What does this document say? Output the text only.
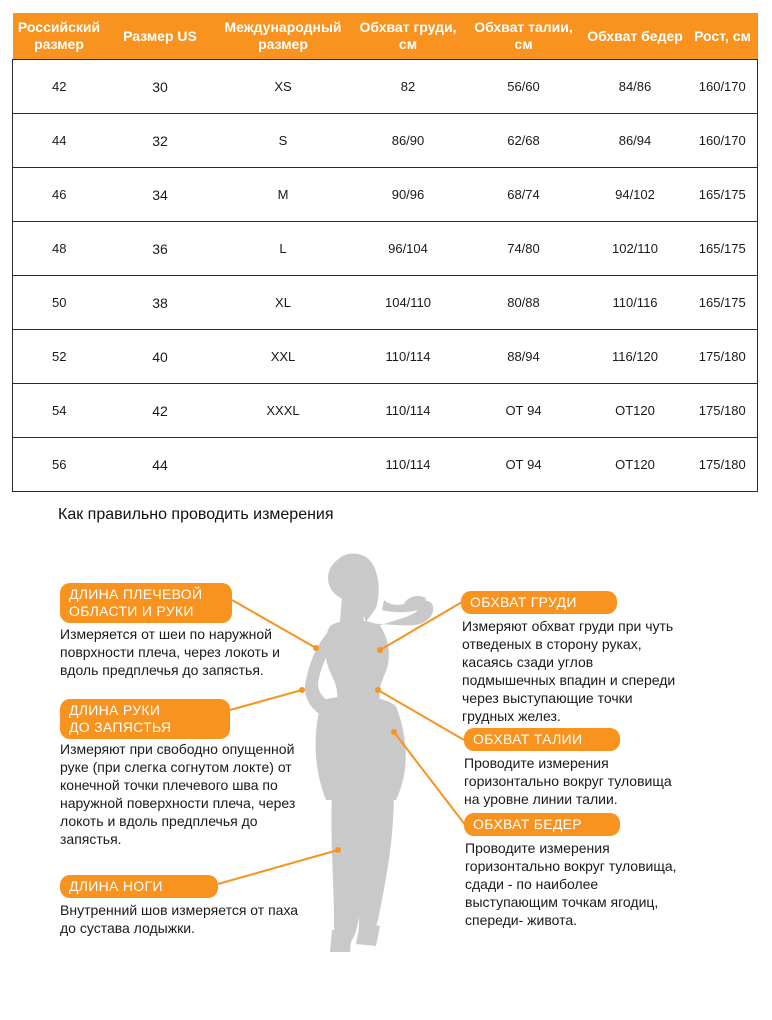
Российский размер	Размер US	Международный размер	Обхват груди, см	Обхват талии, см	Обхват бедер	Рост, см
42	30	XS	82	56/60	84/86	160/170
44	32	S	86/90	62/68	86/94	160/170
46	34	M	90/96	68/74	94/102	165/175
48	36	L	96/104	74/80	102/110	165/175
50	38	XL	104/110	80/88	110/116	165/175
52	40	XXL	110/114	88/94	116/120	175/180
54	42	XXXL	110/114	ОТ 94	ОТ120	175/180
56	44		110/114	ОТ 94	ОТ120	175/180
Как правильно проводить измерения
ДЛИНА ПЛЕЧЕВОЙ
ОБЛАСТИ И РУКИ
Измеряется от шеи по наружной
поврхности плеча, через локоть и
вдоль предплечья до запястья.
ДЛИНА РУКИ
ДО ЗАПЯСТЬЯ
Измеряют при свободно опущенной
руке (при слегка согнутом локте) от
конечной точки плечевого шва по
наружной поверхности плеча, через
локоть и вдоль предплечья до
запястья.
ДЛИНА НОГИ
Внутренний шов измеряется от паха
до сустава лодыжки.
ОБХВАТ ГРУДИ
Измеряют обхват груди при чуть
отведеных в сторону руках,
касаясь сзади углов
подмышечных впадин и спереди
через выступающие точки
грудных желез.
ОБХВАТ ТАЛИИ
Проводите измерения
горизонтально вокруг туловища
на уровне линии талии.
ОБХВАТ БЕДЕР
Проводите измерения
горизонтально вокруг туловища,
сдади - по наиболее
выступающим точкам ягодиц,
спереди- живота.
